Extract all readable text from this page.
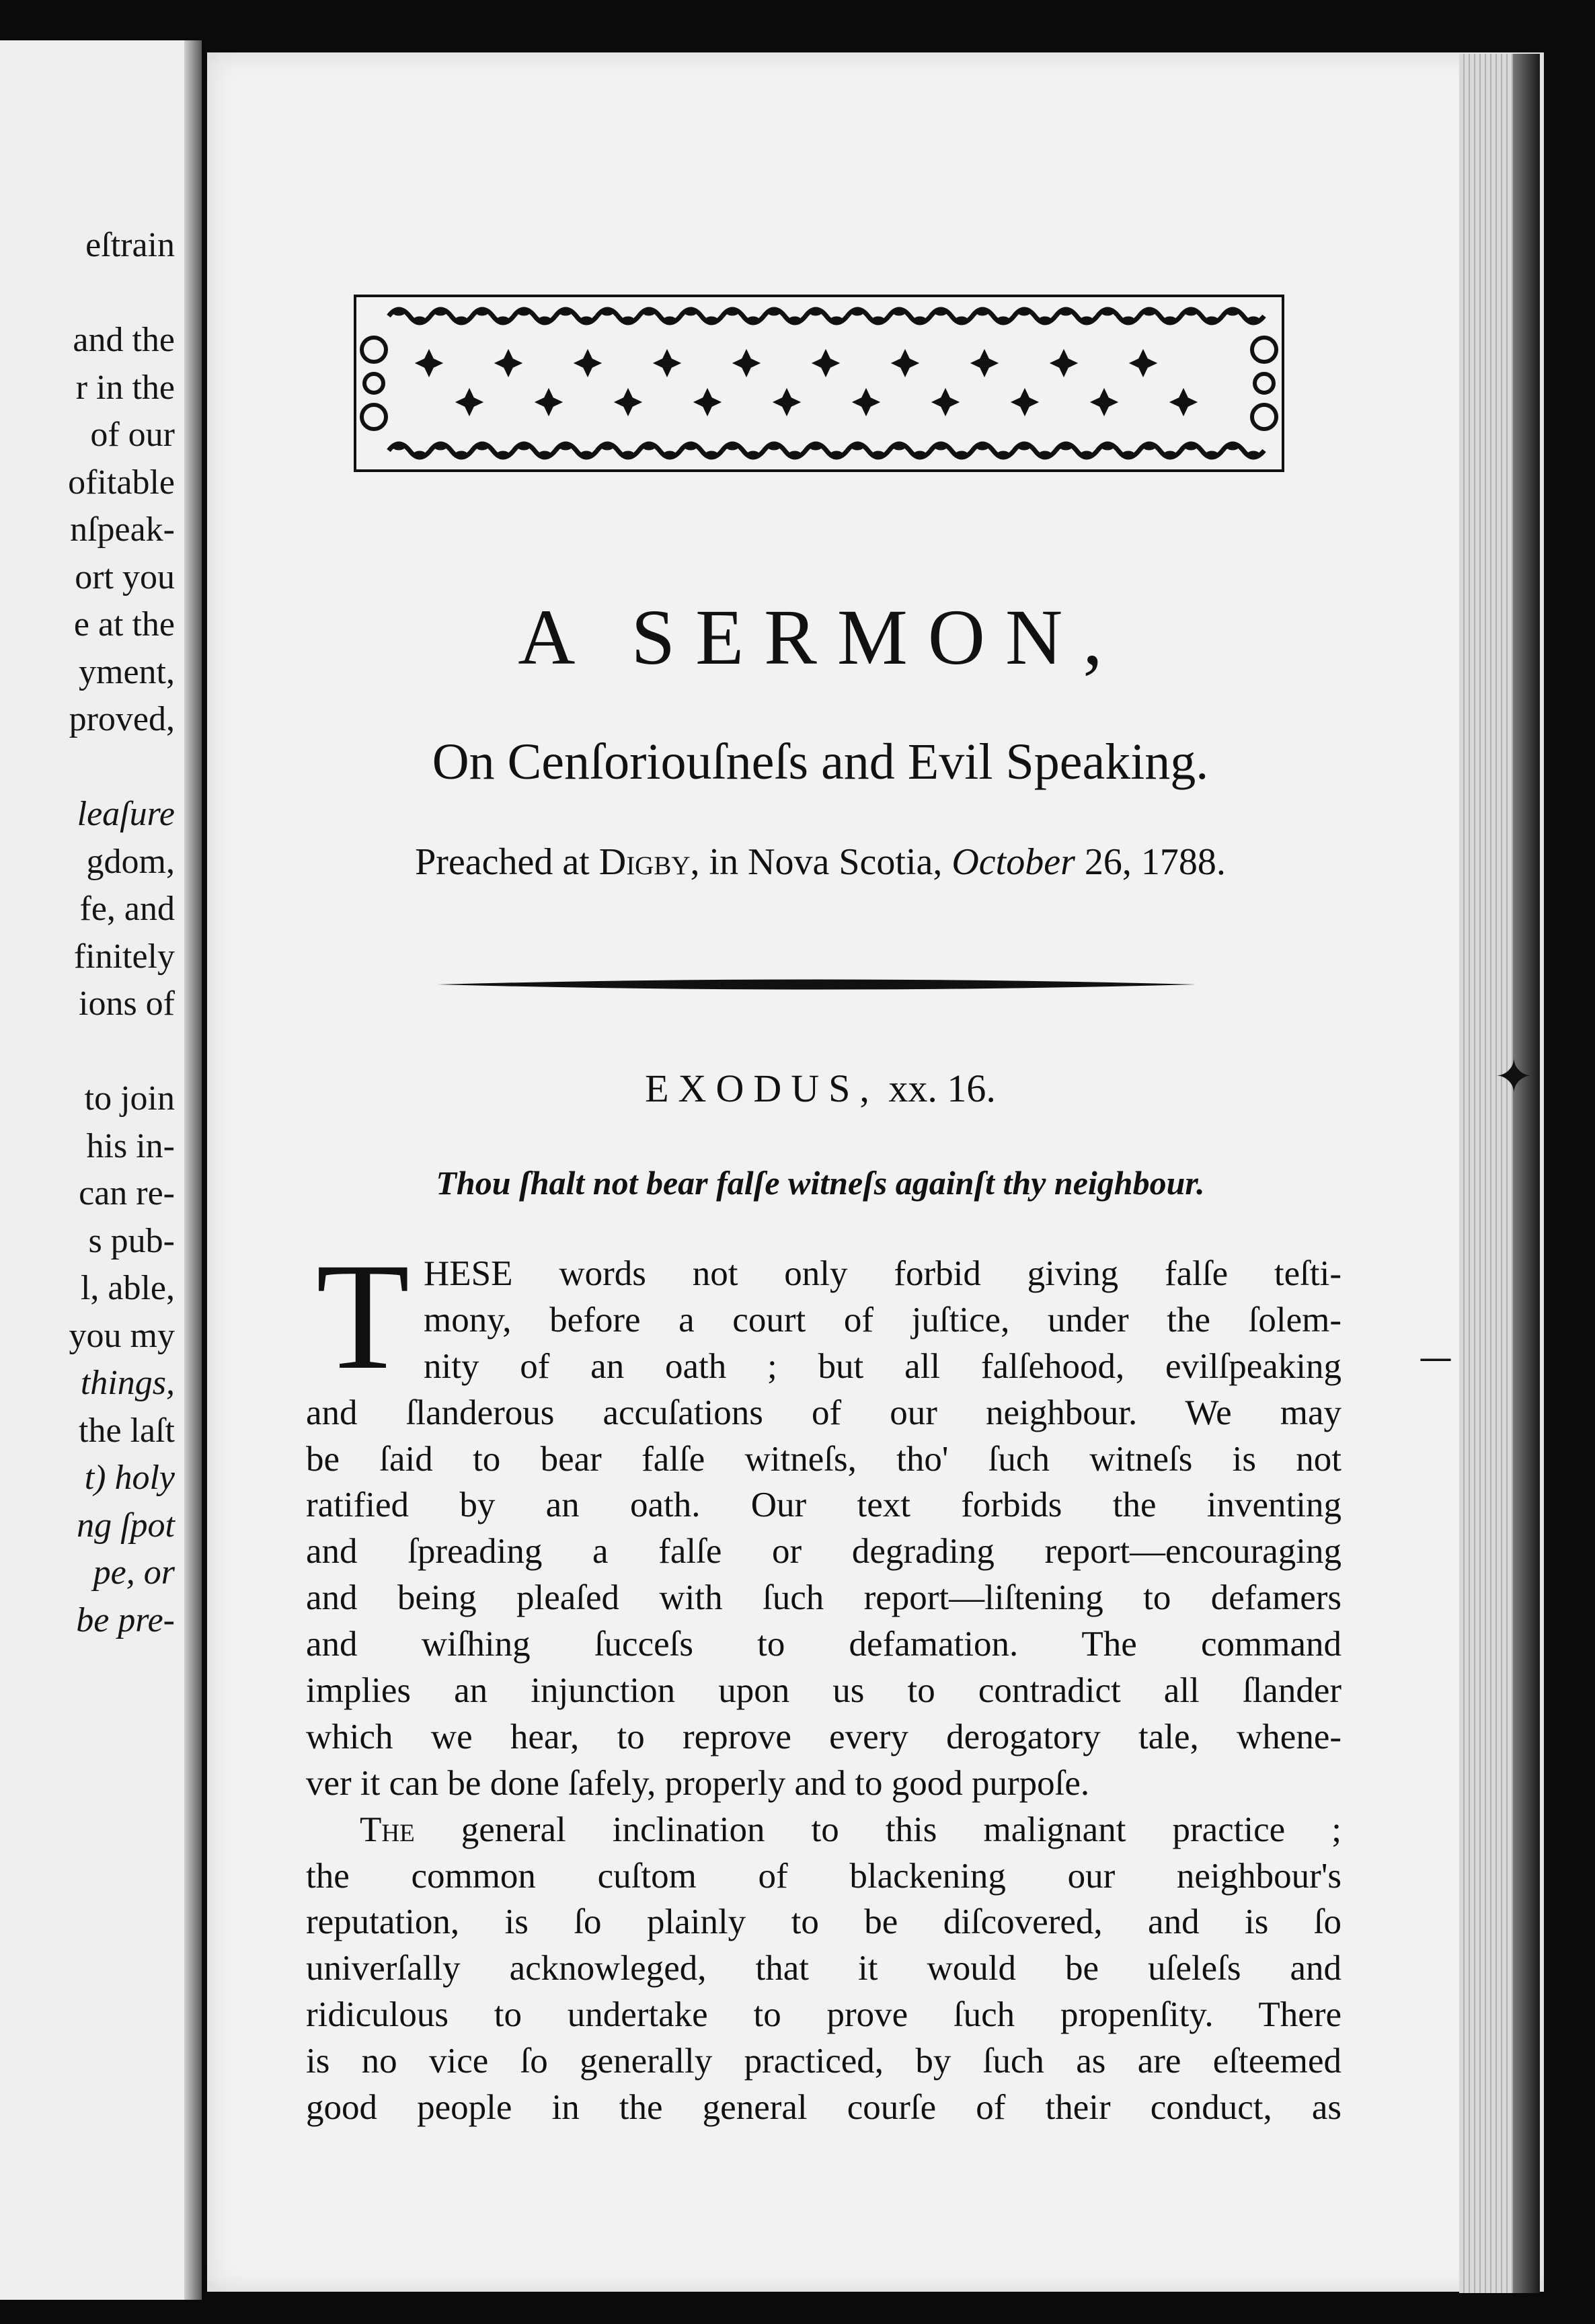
eſtrain

and the
r in the
of our
ofitable
nſpeak-
ort you
e at the
yment,
proved,

leaſure
gdom,
fe, and
finitely
ions of

to join
his in-
can re-
s pub-
l, able,
you my
things,
the laſt
t) holy
ng ſpot
pe, or
be pre-
A SERMON,
On Cenſoriouſneſs and Evil Speaking.
Preached at Digby, in Nova Scotia, October 26, 1788.
EXODUS, xx. 16.
Thou ſhalt not bear falſe witneſs againſt thy neighbour.
T HESE words not only forbid giving falſe teſti-
mony, before a court of juſtice, under the ſolem-
nity of an oath ; but all falſehood, evilſpeaking
and ſlanderous accuſations of our neighbour. We may
be ſaid to bear falſe witneſs, tho' ſuch witneſs is not
ratified by an oath. Our text forbids the inventing
and ſpreading a falſe or degrading report—encouraging
and being pleaſed with ſuch report—liſtening to defamers
and wiſhing ſucceſs to defamation. The command
implies an injunction upon us to contradict all ſlander
which we hear, to reprove every derogatory tale, whene-
ver it can be done ſafely, properly and to good purpoſe.
The general inclination to this malignant practice ;
the common cuſtom of blackening our neighbour's
reputation, is ſo plainly to be diſcovered, and is ſo
univerſally acknowleged, that it would be uſeleſs and
ridiculous to undertake to prove ſuch propenſity. There
is no vice ſo generally practiced, by ſuch as are eſteemed
good people in the general courſe of their conduct, as
✦
—
